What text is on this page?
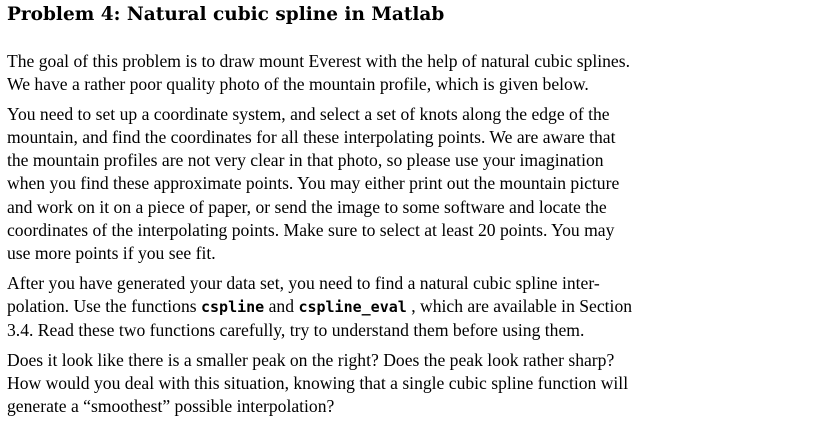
Problem 4: Natural cubic spline in Matlab

The goal of this problem is to draw mount Everest with the help of natural cubic splines.
We have a rather poor quality photo of the mountain profile, which is given below.

You need to set up a coordinate system, and select a set of knots along the edge of the
mountain, and find the coordinates for all these interpolating points. We are aware that
the mountain profiles are not very clear in that photo, so please use your imagination
when you find these approximate points. You may either print out the mountain picture
and work on it on a piece of paper, or send the image to some software and locate the
coordinates of the interpolating points. Make sure to select at least 20 points. You may
use more points if you see fit.

After you have generated your data set, you need to find a natural cubic spline inter-
polation. Use the functions cspline and cspline_eval , which are available in Section
3.4. Read these two functions carefully, try to understand them before using them.

Does it look like there is a smaller peak on the right? Does the peak look rather sharp?
How would you deal with this situation, knowing that a single cubic spline function will
generate a “smoothest” possible interpolation?
